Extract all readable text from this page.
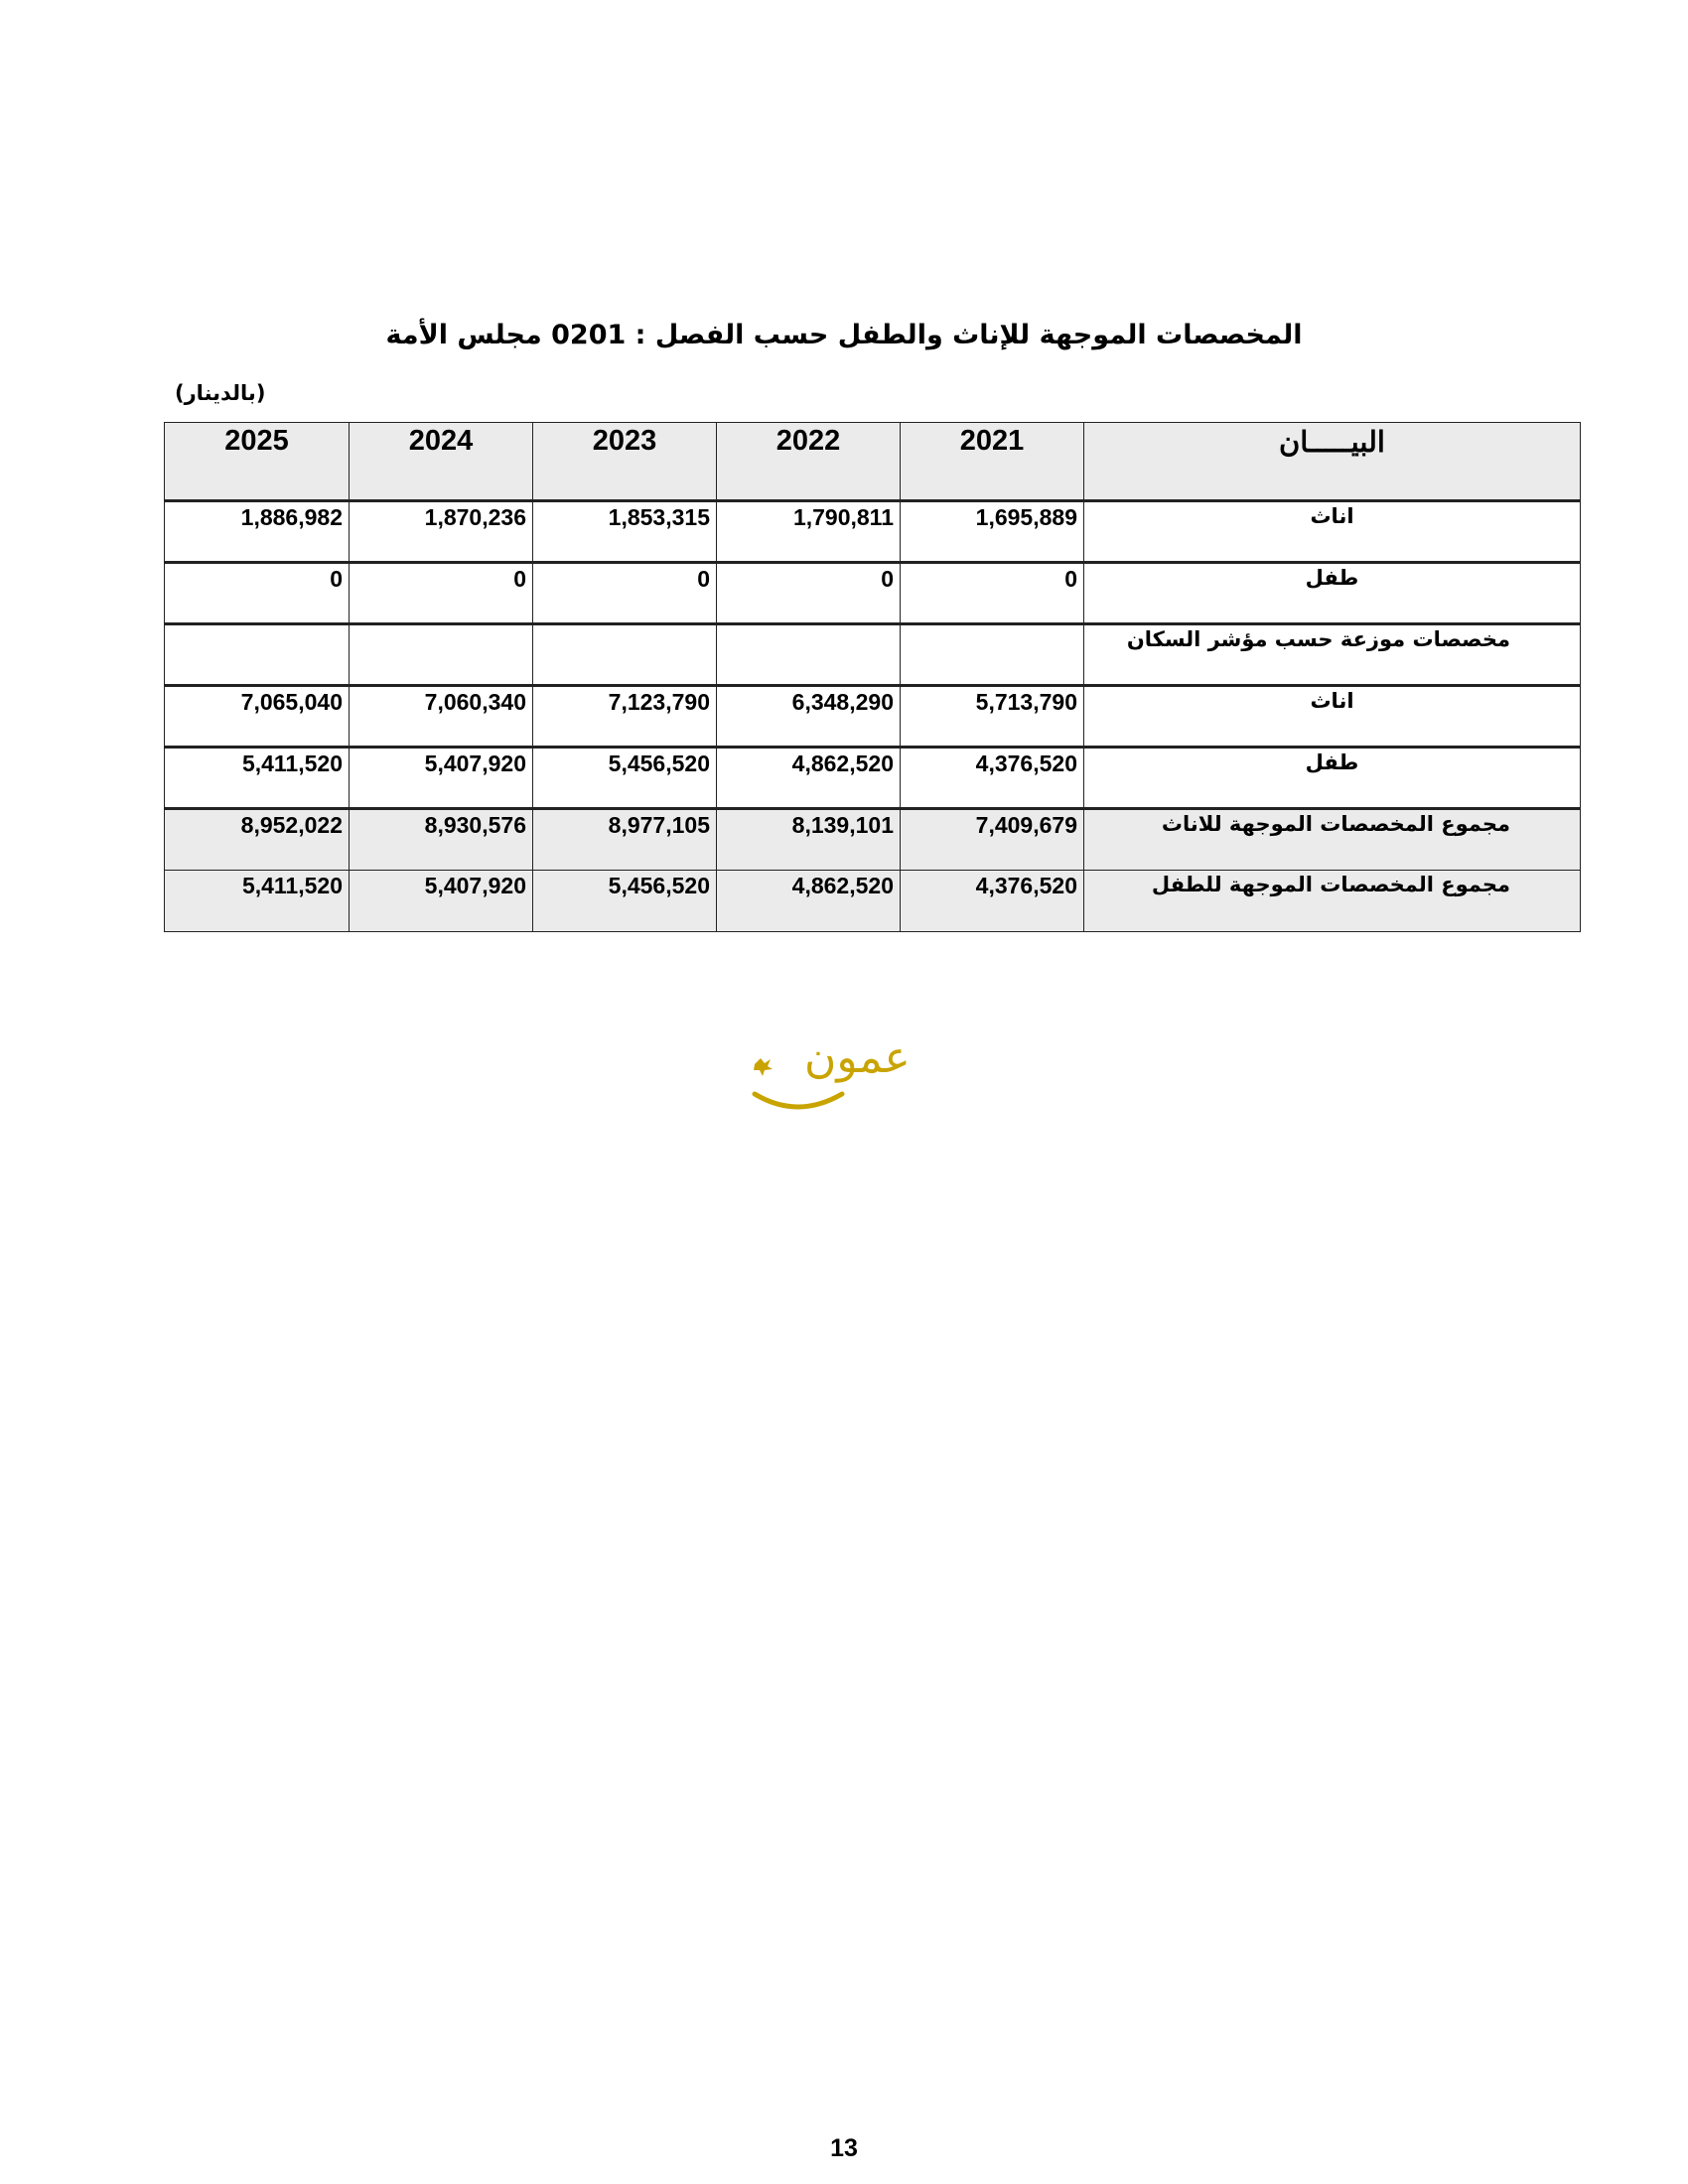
المخصصات الموجهة للإناث والطفل حسب الفصل : 0201 مجلس الأمة
(بالدينار)
2025	2024	2023	2022	2021	البيـــــان
1,886,982	1,870,236	1,853,315	1,790,811	1,695,889	اناث
0	0	0	0	0	طفل
					مخصصات موزعة حسب مؤشر السكان
7,065,040	7,060,340	7,123,790	6,348,290	5,713,790	اناث
5,411,520	5,407,920	5,456,520	4,862,520	4,376,520	طفل
8,952,022	8,930,576	8,977,105	8,139,101	7,409,679	مجموع المخصصات الموجهة للاناث
5,411,520	5,407,920	5,456,520	4,862,520	4,376,520	مجموع المخصصات الموجهة للطفل
عمون
13
